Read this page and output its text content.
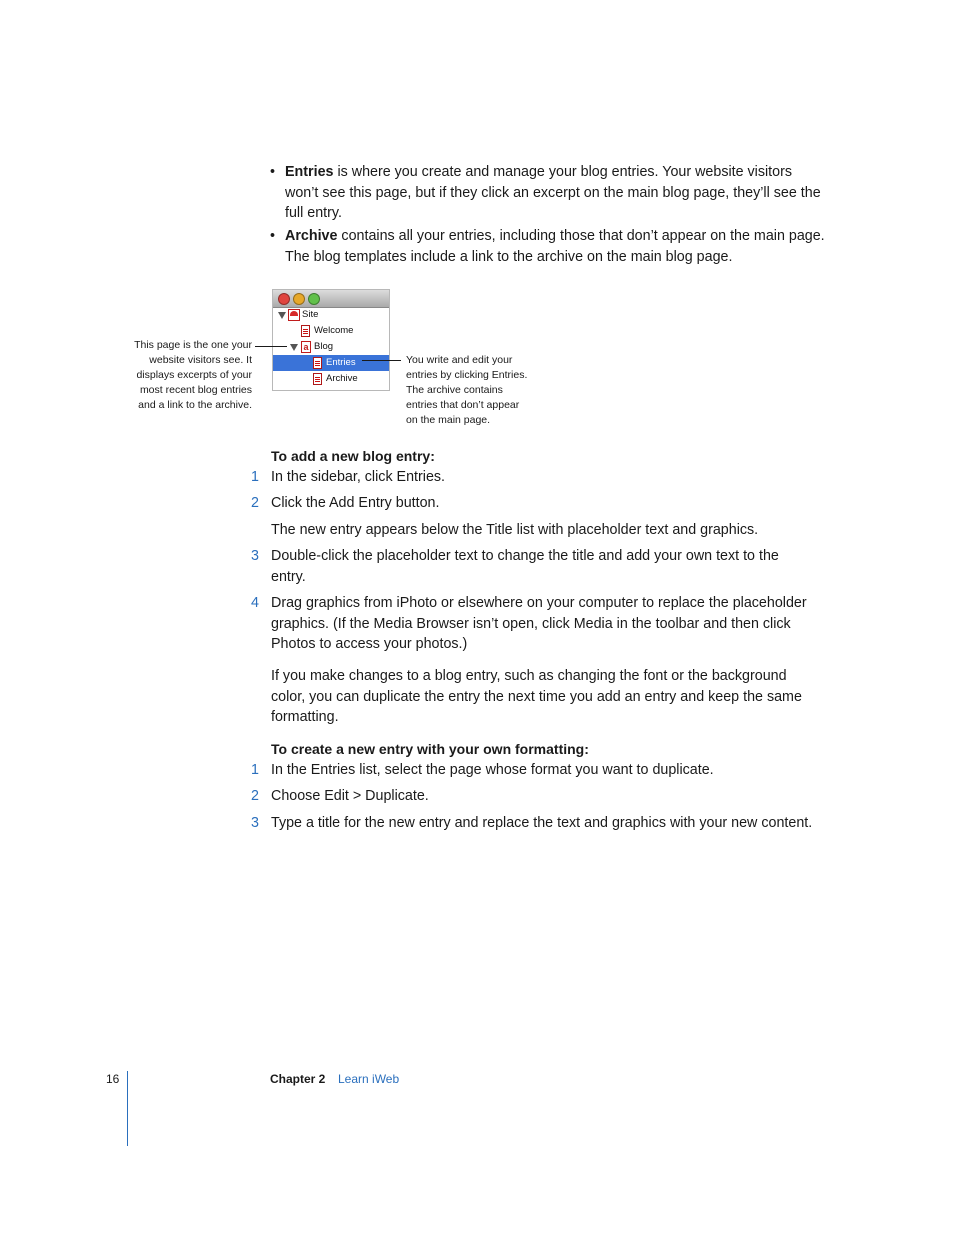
• Entries is where you create and manage your blog entries. Your website visitors won’t see this page, but if they click an excerpt on the main blog page, they’ll see the full entry.
• Archive contains all your entries, including those that don’t appear on the main page. The blog templates include a link to the archive on the main blog page.
Site
Welcome
a Blog
Entries
Archive
This page is the one your
website visitors see. It
displays excerpts of your
most recent blog entries
and a link to the archive.
You write and edit your
entries by clicking Entries.
The archive contains
entries that don’t appear
on the main page.
To add a new blog entry:
1 In the sidebar, click Entries.
2 Click the Add Entry button.
The new entry appears below the Title list with placeholder text and graphics.
3 Double-click the placeholder text to change the title and add your own text to the entry.
4 Drag graphics from iPhoto or elsewhere on your computer to replace the placeholder graphics. (If the Media Browser isn’t open, click Media in the toolbar and then click Photos to access your photos.)
If you make changes to a blog entry, such as changing the font or the background color, you can duplicate the entry the next time you add an entry and keep the same formatting.
To create a new entry with your own formatting:
1 In the Entries list, select the page whose format you want to duplicate.
2 Choose Edit > Duplicate.
3 Type a title for the new entry and replace the text and graphics with your new content.
16	Chapter 2 Learn iWeb
